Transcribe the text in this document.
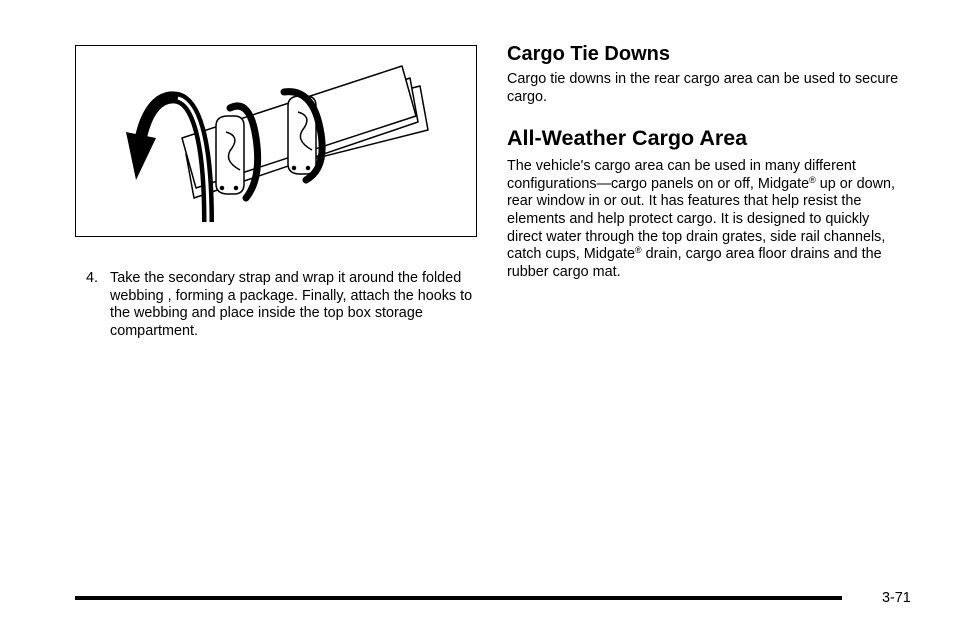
4. Take the secondary strap and wrap it around the folded webbing , forming a package. Finally, attach the hooks to the webbing and place inside the top box storage compartment.
Cargo Tie Downs

Cargo tie downs in the rear cargo area can be used to secure cargo.

All-Weather Cargo Area

The vehicle's cargo area can be used in many different configurations—cargo panels on or off, Midgate® up or down, rear window in or out. It has features that help resist the elements and help protect cargo. It is designed to quickly direct water through the top drain grates, side rail channels, catch cups, Midgate® drain, cargo area floor drains and the rubber cargo mat.

3-71
